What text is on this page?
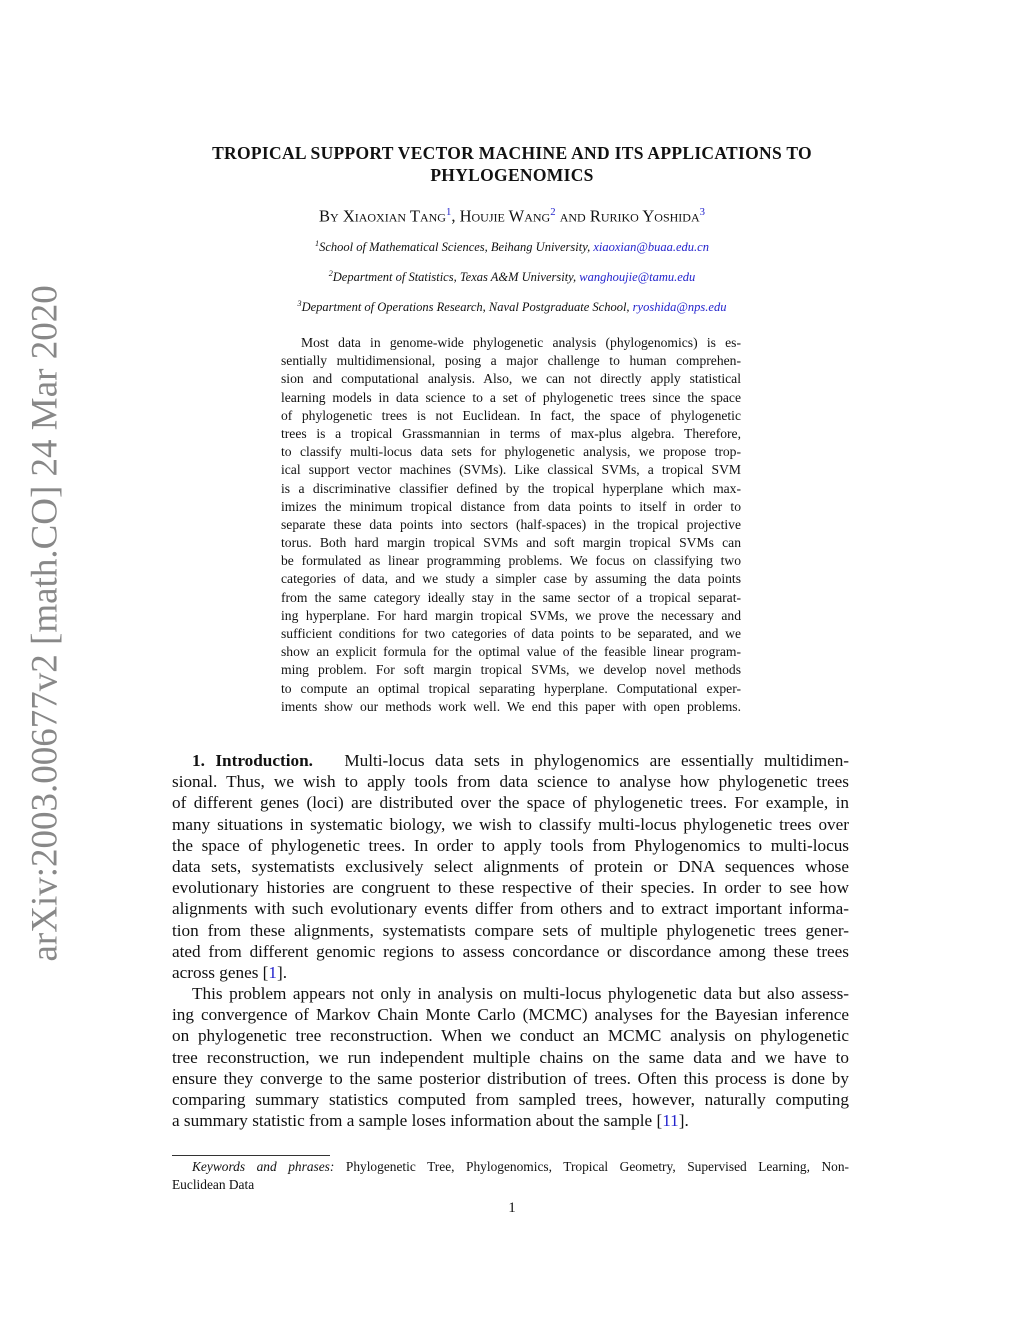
arXiv:2003.00677v2 [math.CO] 24 Mar 2020
TROPICAL SUPPORT VECTOR MACHINE AND ITS APPLICATIONS TO
PHYLOGENOMICS
By Xiaoxian Tang$^1$, Houjie Wang$^2$ and Ruriko Yoshida$^3$
$^1$School of Mathematical Sciences, Beihang University, xiaoxian@buaa.edu.cn
$^2$Department of Statistics, Texas A&M University, wanghoujie@tamu.edu
$^3$Department of Operations Research, Naval Postgraduate School, ryoshida@nps.edu
Most data in genome-wide phylogenetic analysis (phylogenomics) is es-
sentially multidimensional, posing a major challenge to human comprehen-
sion and computational analysis. Also, we can not directly apply statistical
learning models in data science to a set of phylogenetic trees since the space
of phylogenetic trees is not Euclidean. In fact, the space of phylogenetic
trees is a tropical Grassmannian in terms of max-plus algebra. Therefore,
to classify multi-locus data sets for phylogenetic analysis, we propose trop-
ical support vector machines (SVMs). Like classical SVMs, a tropical SVM
is a discriminative classifier defined by the tropical hyperplane which max-
imizes the minimum tropical distance from data points to itself in order to
separate these data points into sectors (half-spaces) in the tropical projective
torus. Both hard margin tropical SVMs and soft margin tropical SVMs can
be formulated as linear programming problems. We focus on classifying two
categories of data, and we study a simpler case by assuming the data points
from the same category ideally stay in the same sector of a tropical separat-
ing hyperplane. For hard margin tropical SVMs, we prove the necessary and
sufficient conditions for two categories of data points to be separated, and we
show an explicit formula for the optimal value of the feasible linear program-
ming problem. For soft margin tropical SVMs, we develop novel methods
to compute an optimal tropical separating hyperplane. Computational exper-
iments show our methods work well. We end this paper with open problems.
1. Introduction. Multi-locus data sets in phylogenomics are essentially multidimen-
sional. Thus, we wish to apply tools from data science to analyse how phylogenetic trees
of different genes (loci) are distributed over the space of phylogenetic trees. For example, in
many situations in systematic biology, we wish to classify multi-locus phylogenetic trees over
the space of phylogenetic trees. In order to apply tools from Phylogenomics to multi-locus
data sets, systematists exclusively select alignments of protein or DNA sequences whose
evolutionary histories are congruent to these respective of their species. In order to see how
alignments with such evolutionary events differ from others and to extract important informa-
tion from these alignments, systematists compare sets of multiple phylogenetic trees gener-
ated from different genomic regions to assess concordance or discordance among these trees
across genes [1].
This problem appears not only in analysis on multi-locus phylogenetic data but also assess-
ing convergence of Markov Chain Monte Carlo (MCMC) analyses for the Bayesian inference
on phylogenetic tree reconstruction. When we conduct an MCMC analysis on phylogenetic
tree reconstruction, we run independent multiple chains on the same data and we have to
ensure they converge to the same posterior distribution of trees. Often this process is done by
comparing summary statistics computed from sampled trees, however, naturally computing
a summary statistic from a sample loses information about the sample [11].
Keywords and phrases: Phylogenetic Tree, Phylogenomics, Tropical Geometry, Supervised Learning, Non-
Euclidean Data
1
